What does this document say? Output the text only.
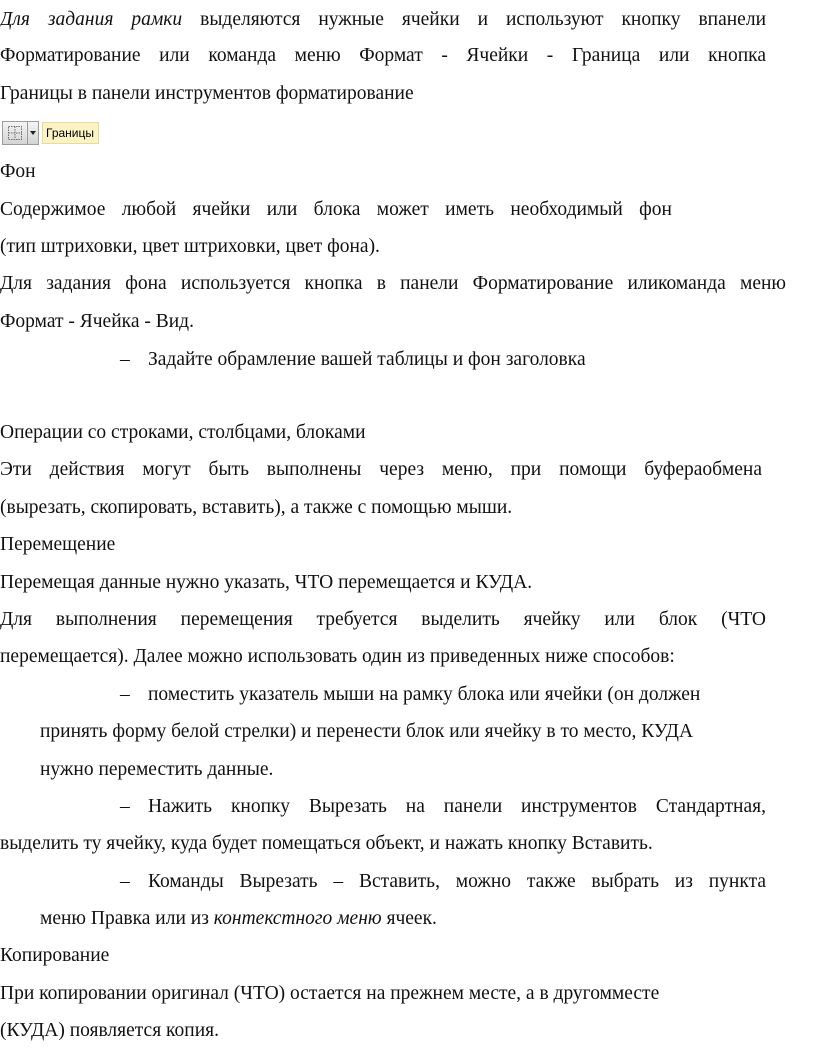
Для задания рамки выделяются нужные ячейки и используют кнопку впанели
Форматирование или команда меню Формат - Ячейки - Граница или кнопка
Границы в панели инструментов форматирование
Границы
Фон
Содержимое любой ячейки или блока может иметь необходимый фон
(тип штриховки, цвет штриховки, цвет фона).
Для задания фона используется кнопка в панели Форматирование иликоманда меню
Формат - Ячейка - Вид.
– Задайте обрамление вашей таблицы и фон заголовка
Операции со строками, столбцами, блоками
Эти действия могут быть выполнены через меню, при помощи буфераобмена
(вырезать, скопировать, вставить), а также с помощью мыши.
Перемещение
Перемещая данные нужно указать, ЧТО перемещается и КУДА.
Для выполнения перемещения требуется выделить ячейку или блок (ЧТО
перемещается). Далее можно использовать один из приведенных ниже способов:
– поместить указатель мыши на рамку блока или ячейки (он должен
принять форму белой стрелки) и перенести блок или ячейку в то место, КУДА
нужно переместить данные.
– Нажить кнопку Вырезать на панели инструментов Стандартная,
выделить ту ячейку, куда будет помещаться объект, и нажать кнопку Вставить.
– Команды Вырезать – Вставить, можно также выбрать из пункта
меню Правка или из контекстного меню ячеек.
Копирование
При копировании оригинал (ЧТО) остается на прежнем месте, а в другомместе
(КУДА) появляется копия.
